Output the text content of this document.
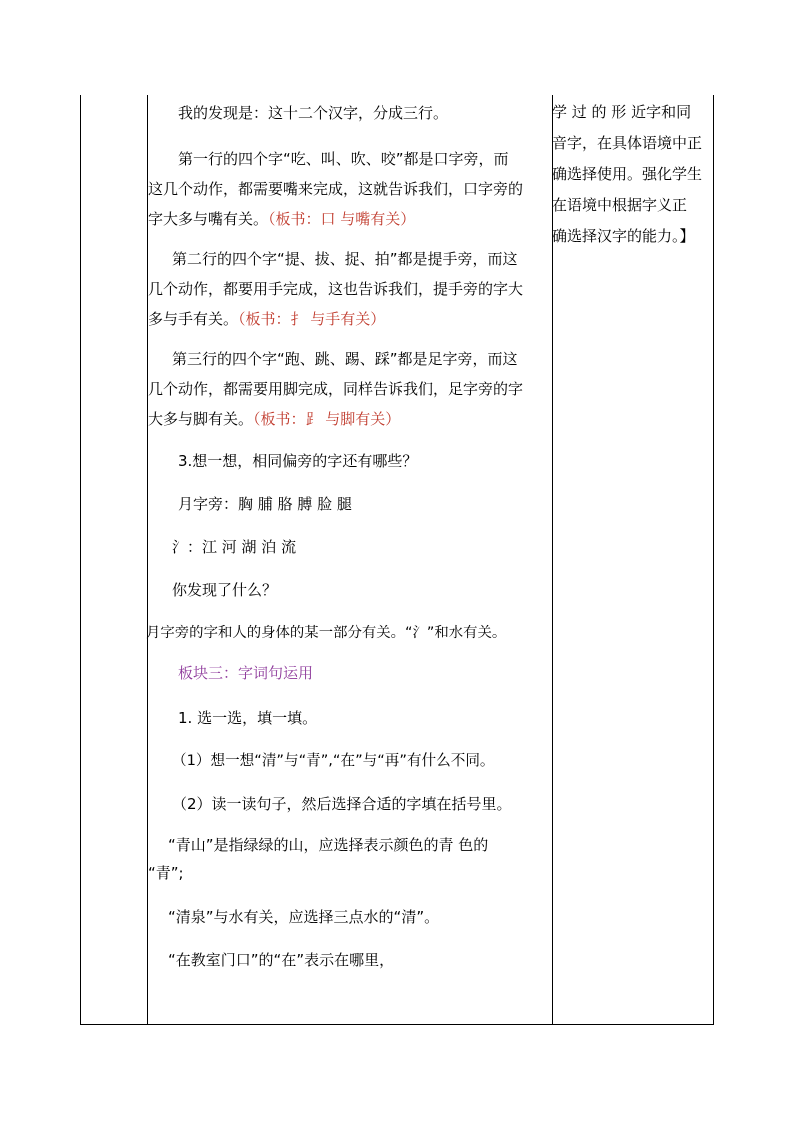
我的发现是：这十二个汉字，分成三行。
第一行的四个字“吃、叫、吹、咬”都是口字旁，而
这几个动作，都需要嘴来完成，这就告诉我们，口字旁的
字大多与嘴有关。（板书：口 与嘴有关）
第二行的四个字“提、拔、捉、拍”都是提手旁，而这
几个动作，都要用手完成，这也告诉我们，提手旁的字大
多与手有关。（板书：扌 与手有关）
第三行的四个字“跑、跳、踢、踩”都是足字旁，而这
几个动作，都需要用脚完成，同样告诉我们，足字旁的字
大多与脚有关。（板书：⻊ 与脚有关）
3.想一想，相同偏旁的字还有哪些？
月字旁：胸 脯 胳 膊 脸 腿
氵：江 河 湖 泊 流
你发现了什么？
月字旁的字和人的身体的某一部分有关。“氵”和水有关。
板块三：字词句运用
1. 选一选，填一填。
（1）想一想“清”与“青”,“在”与“再”有什么不同。
（2）读一读句子，然后选择合适的字填在括号里。
“青山”是指绿绿的山，应选择表示颜色的青 色的
“青”;
“清泉”与水有关，应选择三点水的“清”。
“在教室门口”的“在”表示在哪里，
学 过 的 形 近字和同
音字，在具体语境中正
确选择使用。强化学生
在语境中根据字义正
确选择汉字的能力。】
